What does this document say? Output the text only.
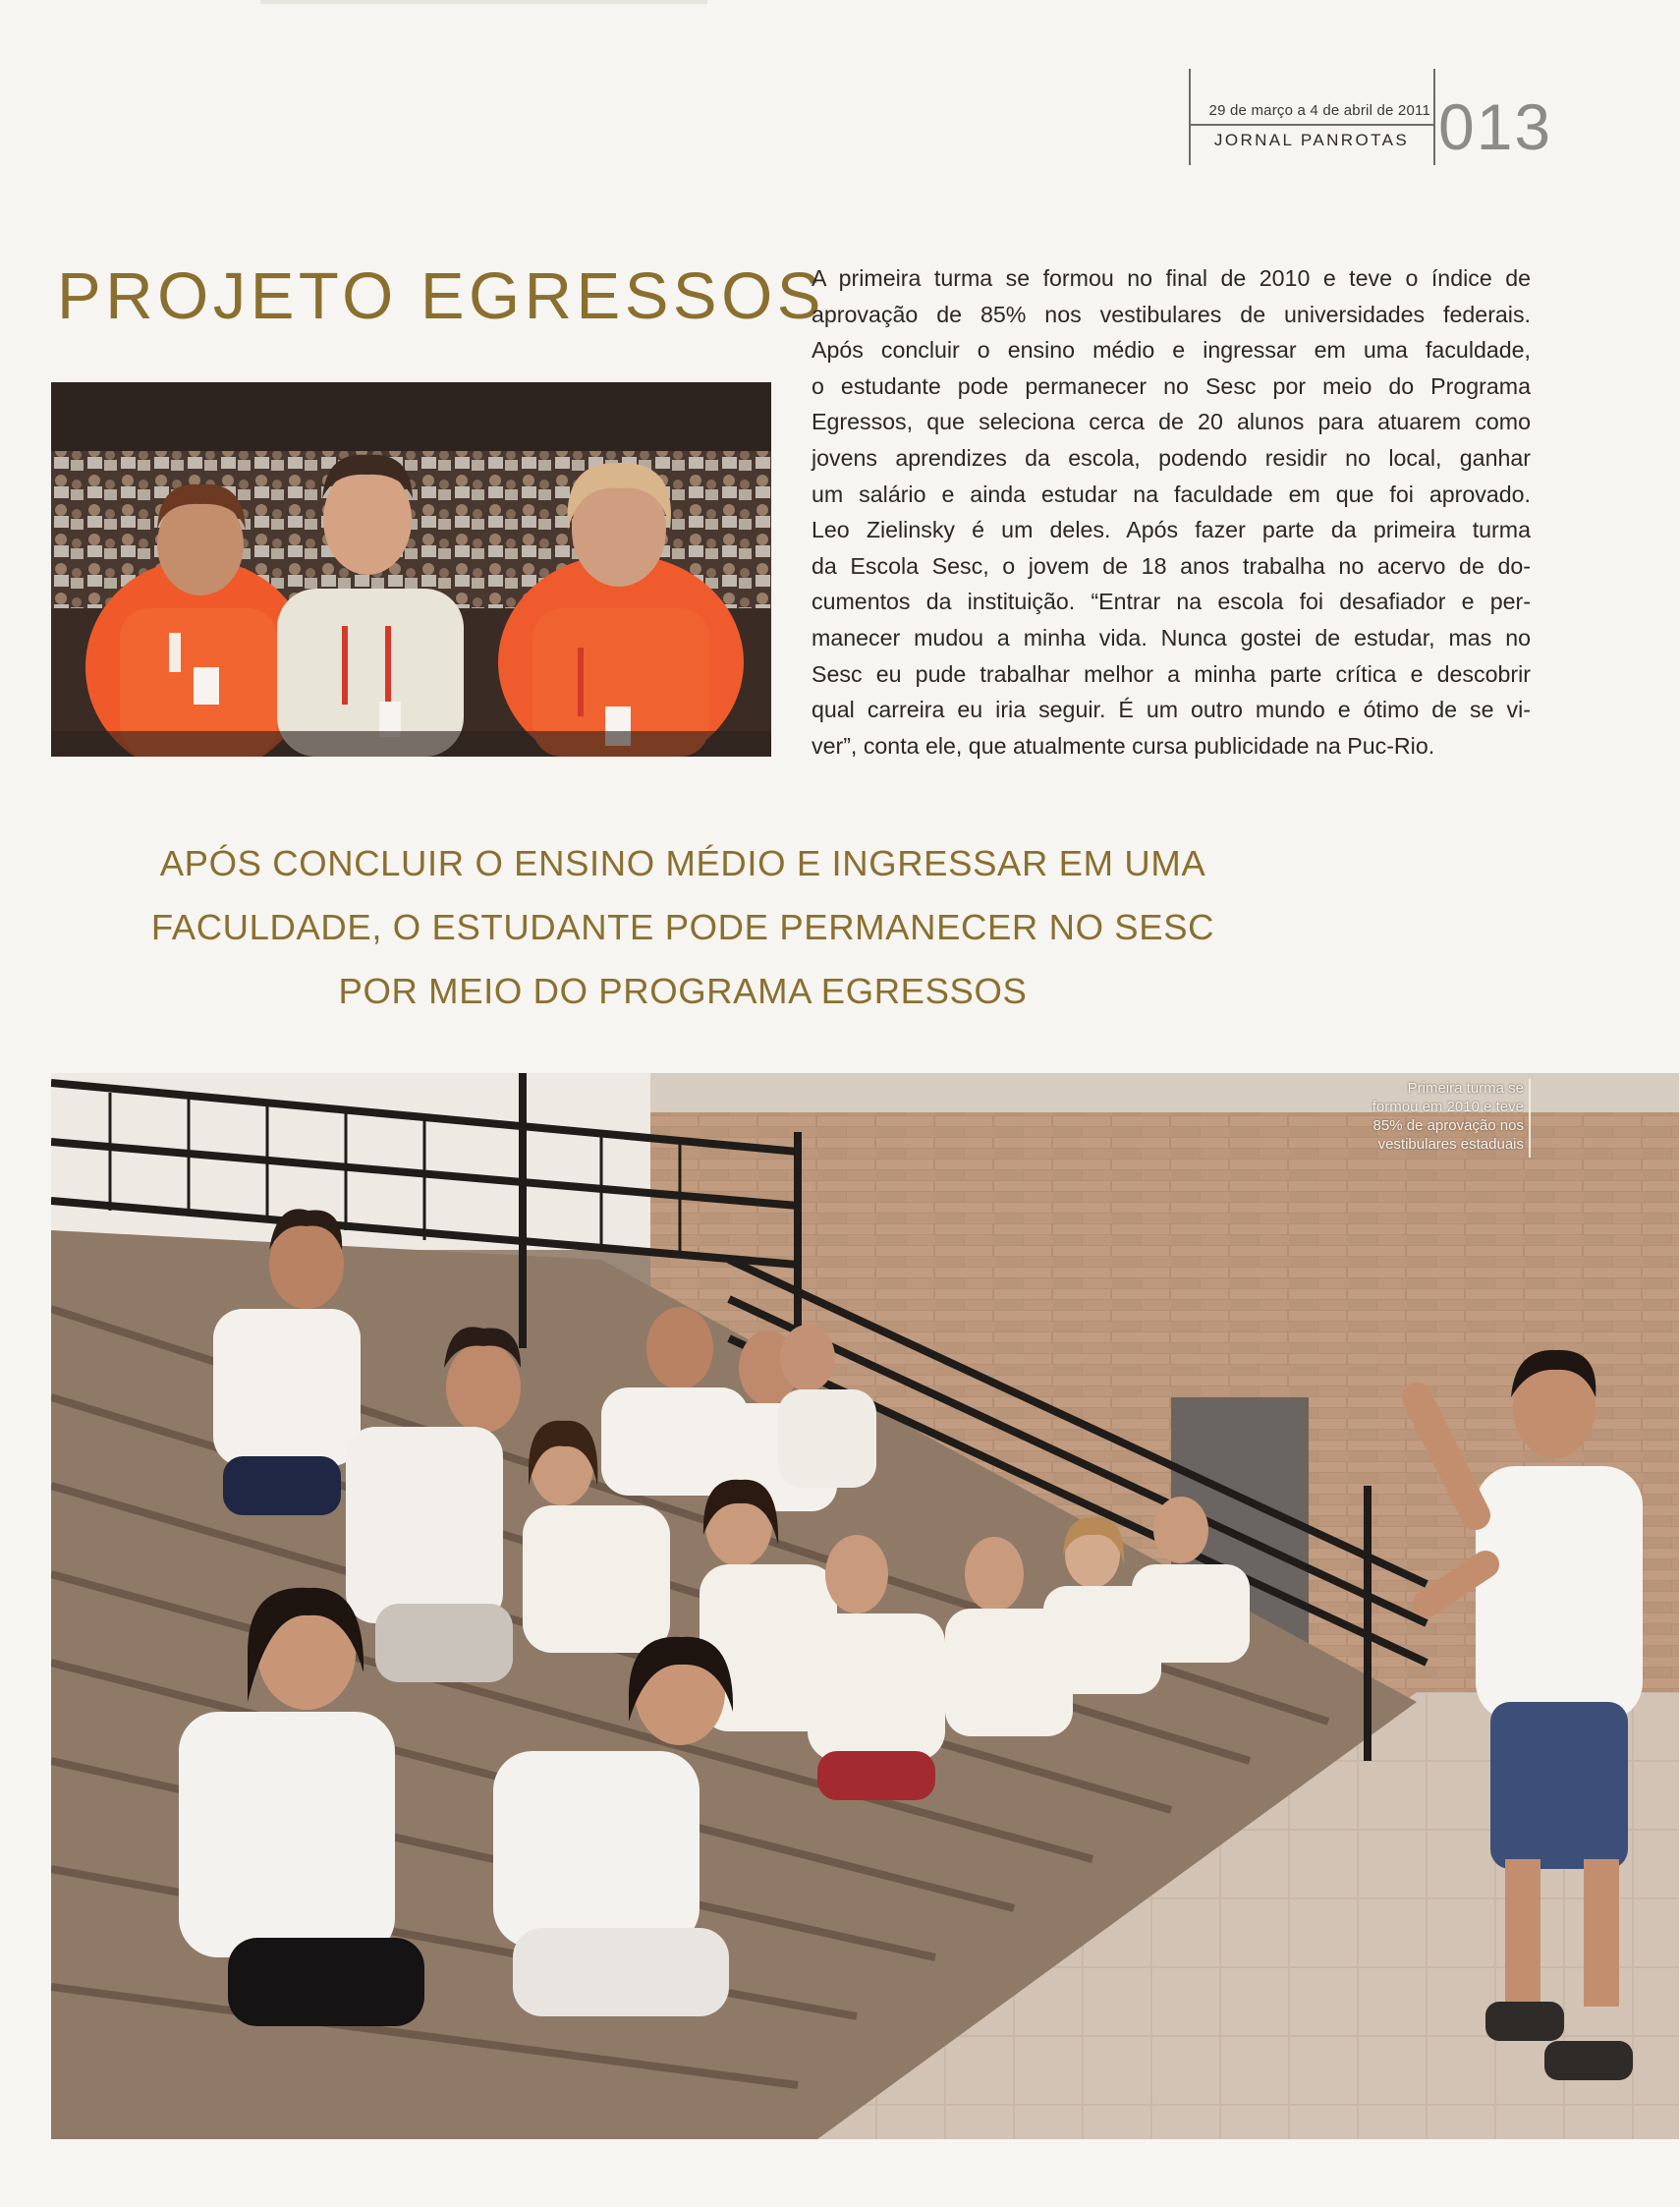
29 de março a 4 de abril de 2011
JORNAL PANROTAS 013
PROJETO EGRESSOS
A primeira turma se formou no final de 2010 e teve o índice de
aprovação de 85% nos vestibulares de universidades federais.
Após concluir o ensino médio e ingressar em uma faculdade,
o estudante pode permanecer no Sesc por meio do Programa
Egressos, que seleciona cerca de 20 alunos para atuarem como
jovens aprendizes da escola, podendo residir no local, ganhar
um salário e ainda estudar na faculdade em que foi aprovado.
Leo Zielinsky é um deles. Após fazer parte da primeira turma
da Escola Sesc, o jovem de 18 anos trabalha no acervo de do-
cumentos da instituição. “Entrar na escola foi desafiador e per-
manecer mudou a minha vida. Nunca gostei de estudar, mas no
Sesc eu pude trabalhar melhor a minha parte crítica e descobrir
qual carreira eu iria seguir. É um outro mundo e ótimo de se vi-
ver”, conta ele, que atualmente cursa publicidade na Puc-Rio.
APÓS CONCLUIR O ENSINO MÉDIO E INGRESSAR EM UMA
FACULDADE, O ESTUDANTE PODE PERMANECER NO SESC
POR MEIO DO PROGRAMA EGRESSOS
Primeira turma se
formou em 2010 e teve
85% de aprovação nos
vestibulares estaduais
